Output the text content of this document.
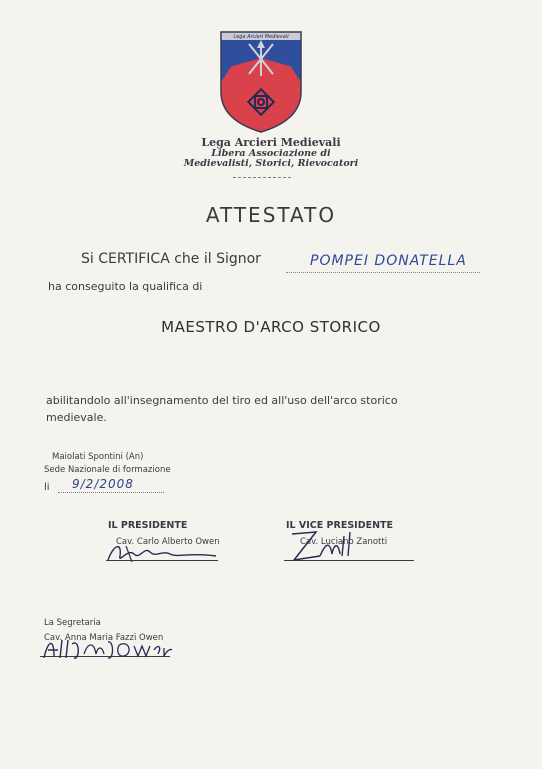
Lega Arcieri Medievali
Lega Arcieri Medievali
Libera Associazione di
Medievalisti, Storici, Rievocatori
ATTESTATO
Si CERTIFICA che il Signor	POMPEI DONATELLA
ha conseguito la qualifica di
MAESTRO D'ARCO STORICO
abilitandolo all'insegnamento del tiro ed all'uso dell'arco storico
medievale.
Maiolati Spontini (An)
Sede Nazionale di formazione
li 9/2/2008
IL PRESIDENTE
Cav. Carlo Alberto Owen
IL VICE PRESIDENTE
Cav. Luciano Zanotti
La Segretaria
Cav. Anna Maria Fazzi Owen
